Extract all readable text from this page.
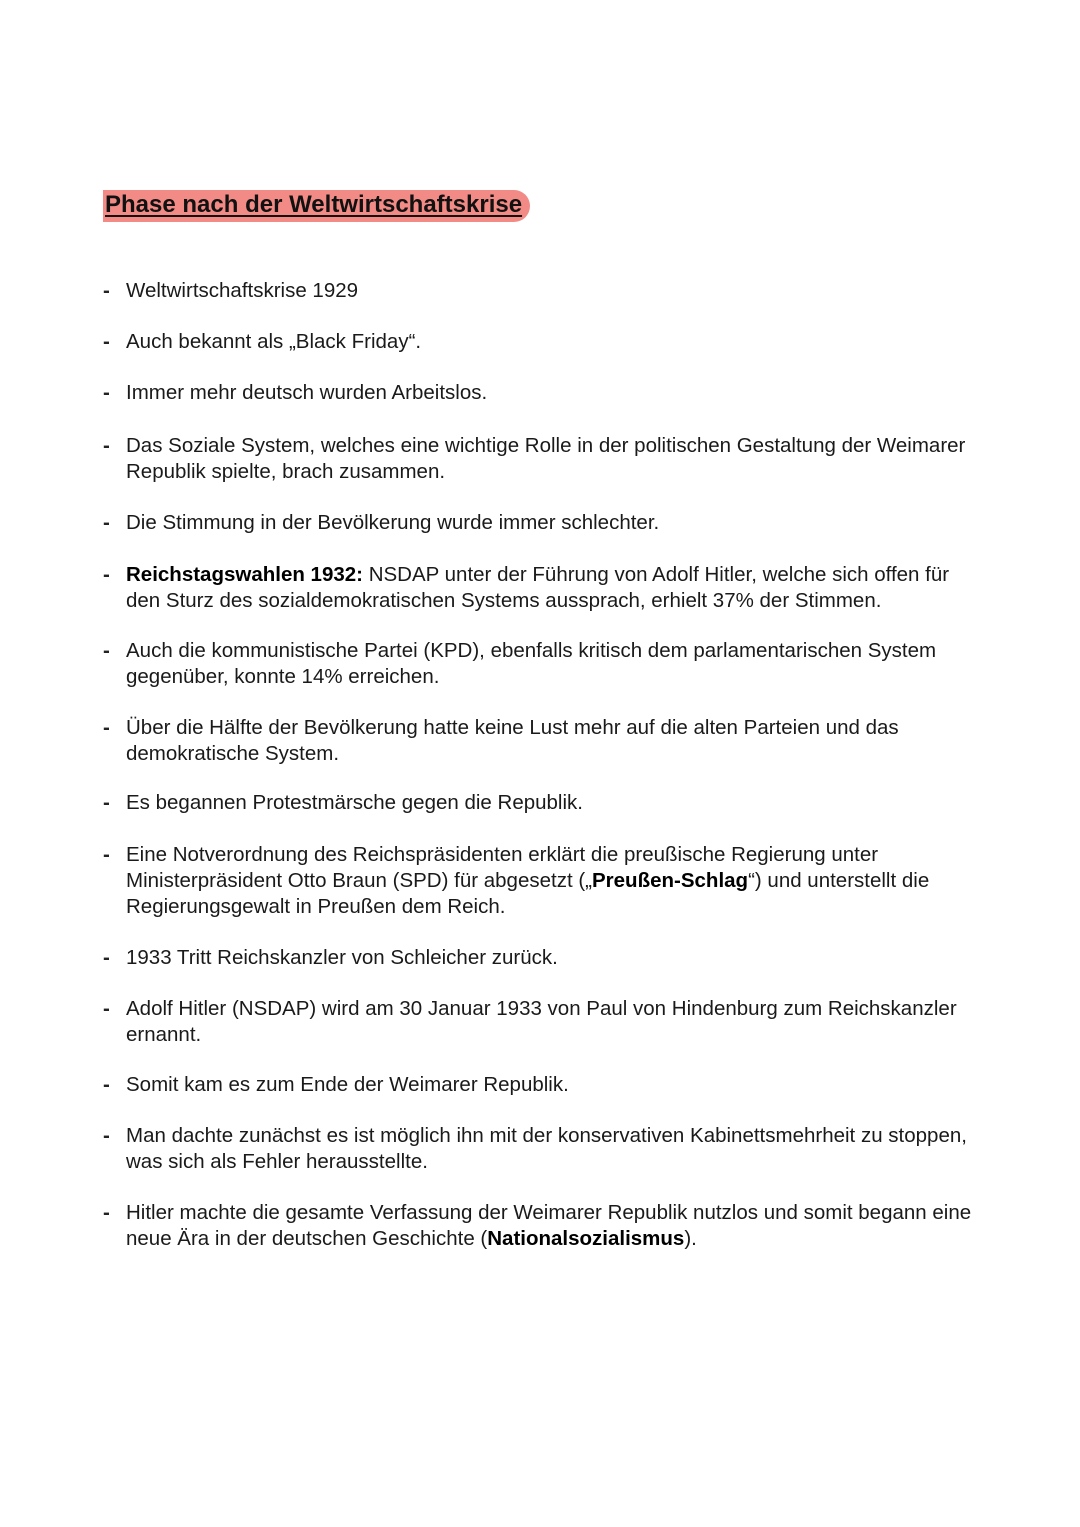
Phase nach der Weltwirtschaftskrise
- Weltwirtschaftskrise 1929
- Auch bekannt als „Black Friday“.
- Immer mehr deutsch wurden Arbeitslos.
- Das Soziale System, welches eine wichtige Rolle in der politischen Gestaltung der Weimarer Republik spielte, brach zusammen.
- Die Stimmung in der Bevölkerung wurde immer schlechter.
- Reichstagswahlen 1932: NSDAP unter der Führung von Adolf Hitler, welche sich offen für den Sturz des sozialdemokratischen Systems aussprach, erhielt 37% der Stimmen.
- Auch die kommunistische Partei (KPD), ebenfalls kritisch dem parlamentarischen System gegenüber, konnte 14% erreichen.
- Über die Hälfte der Bevölkerung hatte keine Lust mehr auf die alten Parteien und das demokratische System.
- Es begannen Protestmärsche gegen die Republik.
- Eine Notverordnung des Reichspräsidenten erklärt die preußische Regierung unter Ministerpräsident Otto Braun (SPD) für abgesetzt („Preußen-Schlag“) und unterstellt die Regierungsgewalt in Preußen dem Reich.
- 1933 Tritt Reichskanzler von Schleicher zurück.
- Adolf Hitler (NSDAP) wird am 30 Januar 1933 von Paul von Hindenburg zum Reichskanzler ernannt.
- Somit kam es zum Ende der Weimarer Republik.
- Man dachte zunächst es ist möglich ihn mit der konservativen Kabinettsmehrheit zu stoppen, was sich als Fehler herausstellte.
- Hitler machte die gesamte Verfassung der Weimarer Republik nutzlos und somit begann eine neue Ära in der deutschen Geschichte (Nationalsozialismus).
